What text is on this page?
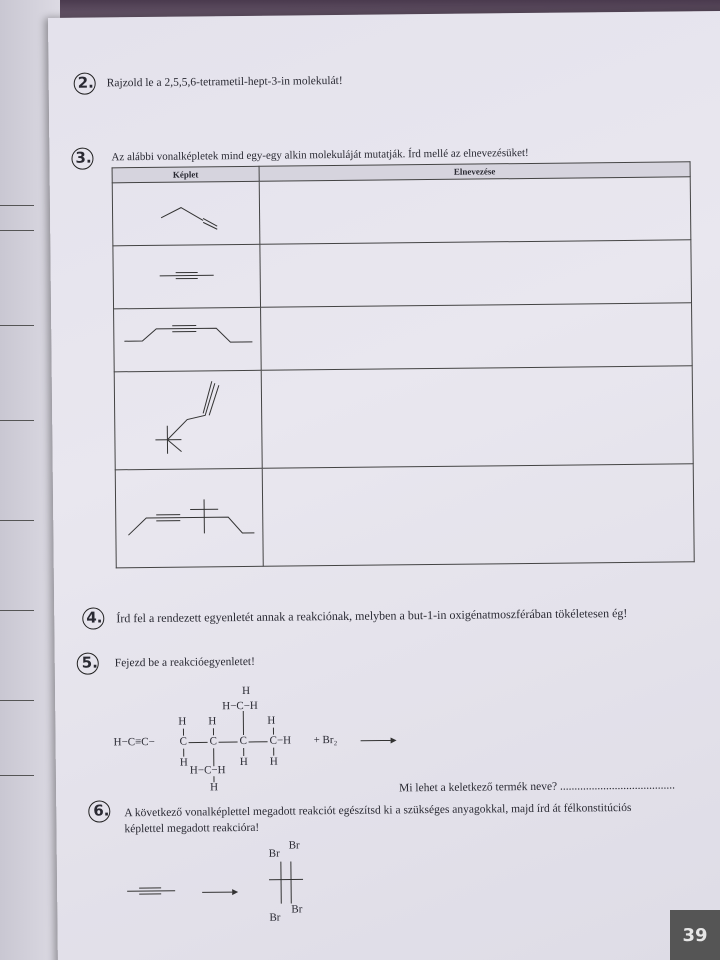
2. Rajzold le a 2,5,5,6-tetrametil-hept-3-in molekulát!
3. Az alábbi vonalképletek mind egy-egy alkin molekuláját mutatják. Írd mellé az elnevezésüket!
Képlet	Elnevezése

4. Írd fel a rendezett egyenletét annak a reakciónak, melyben a but-1-in oxigénatmoszférában tökéletesen ég!
5. Fejezd be a reakcióegyenletet!
H
H−C−H
H H	H
H−C≡C− C C C C−H + Br₂
H	H H
H−C−H
H	Mi lehet a keletkező termék neve? ........................................
6. A következő vonalképlettel megadott reakciót egészítsd ki a szükséges anyagokkal, majd írd át félkonstitúciós
képlettel megadott reakcióra!
Br
Br
Br
Br
39
